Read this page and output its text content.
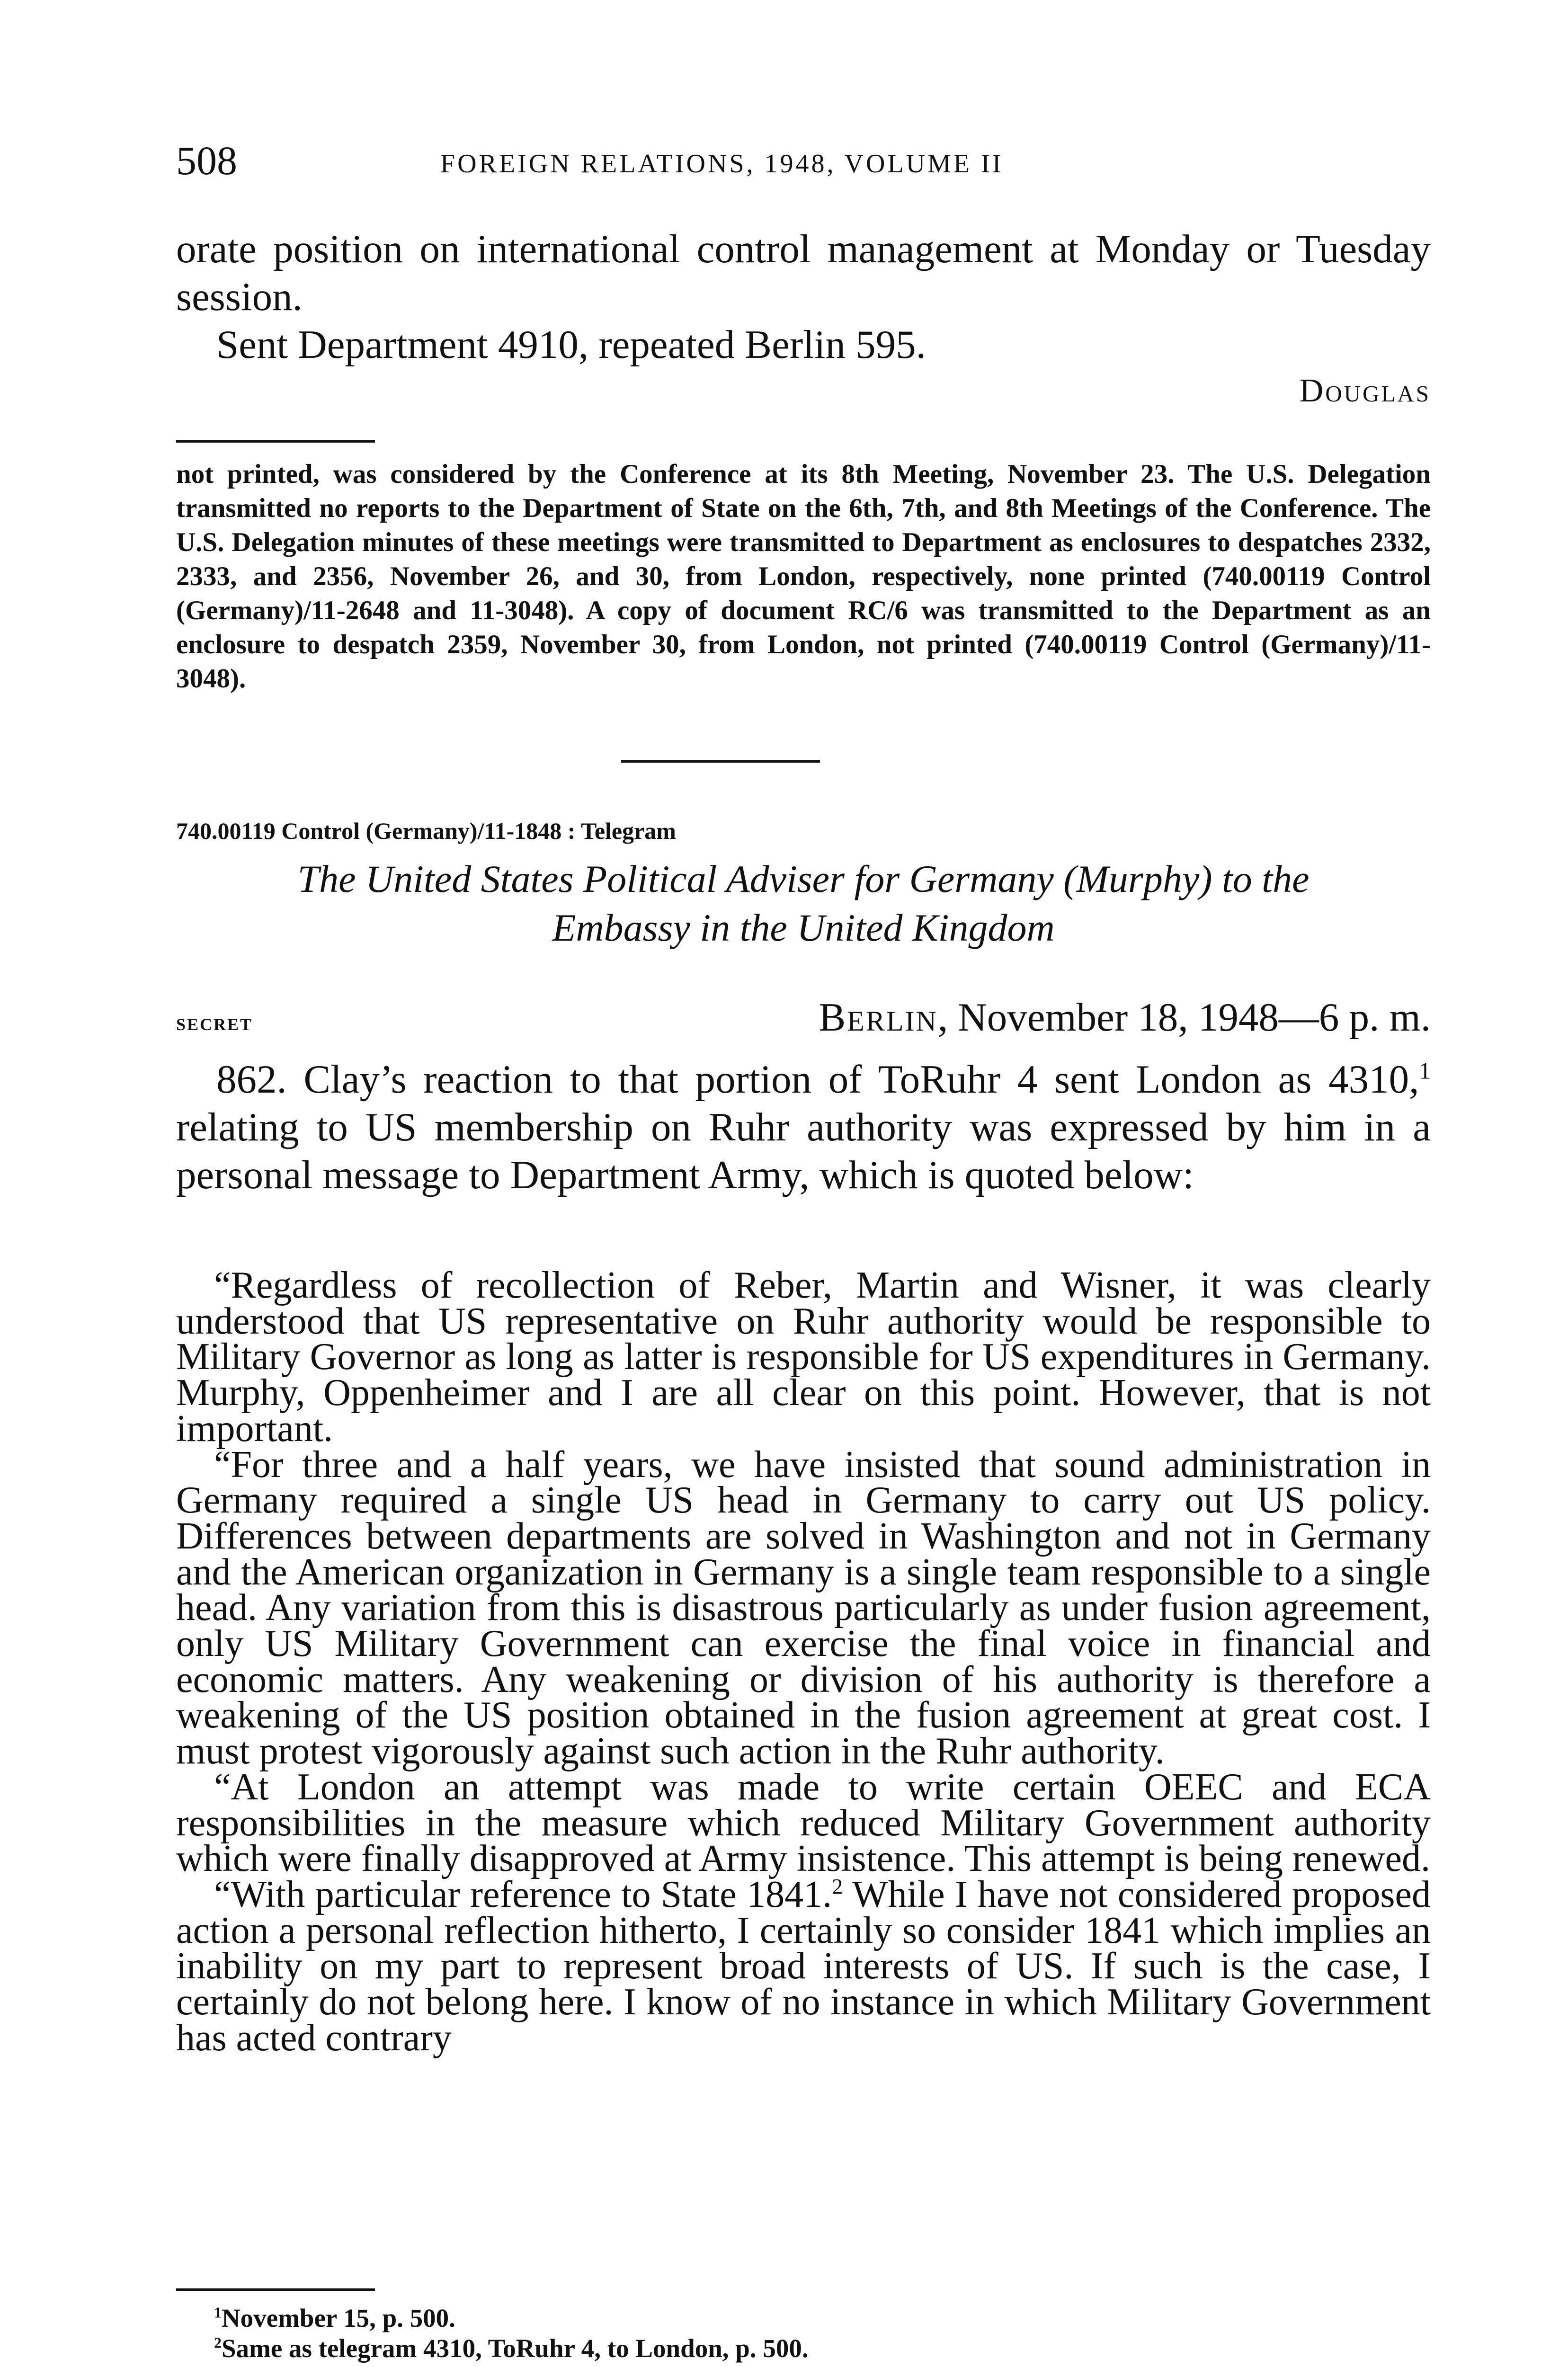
508	FOREIGN RELATIONS, 1948, VOLUME II

orate position on international control management at Monday or Tuesday session.

Sent Department 4910, repeated Berlin 595.

Douglas

not printed, was considered by the Conference at its 8th Meeting, November 23. The U.S. Delegation transmitted no reports to the Department of State on the 6th, 7th, and 8th Meetings of the Conference. The U.S. Delegation minutes of these meetings were transmitted to Department as enclosures to despatches 2332, 2333, and 2356, November 26, and 30, from London, respectively, none printed (740.00119 Control (Germany)/11-2648 and 11-3048). A copy of document RC/6 was transmitted to the Department as an enclosure to despatch 2359, November 30, from London, not printed (740.00119 Control (Germany)/11-3048).

740.00119 Control (Germany)/11-1848 : Telegram
The United States Political Adviser for Germany (Murphy) to the
Embassy in the United Kingdom
secret	Berlin, November 18, 1948—6 p. m.

862. Clay’s reaction to that portion of ToRuhr 4 sent London as 4310,$^1$ relating to US membership on Ruhr authority was expressed by him in a personal message to Department Army, which is quoted below:

“Regardless of recollection of Reber, Martin and Wisner, it was clearly understood that US representative on Ruhr authority would be responsible to Military Governor as long as latter is responsible for US expenditures in Germany. Murphy, Oppenheimer and I are all clear on this point. However, that is not important.

“For three and a half years, we have insisted that sound administration in Germany required a single US head in Germany to carry out US policy. Differences between departments are solved in Washington and not in Germany and the American organization in Germany is a single team responsible to a single head. Any variation from this is disastrous particularly as under fusion agreement, only US Military Government can exercise the final voice in financial and economic matters. Any weakening or division of his authority is therefore a weakening of the US position obtained in the fusion agreement at great cost. I must protest vigorously against such action in the Ruhr authority.

“At London an attempt was made to write certain OEEC and ECA responsibilities in the measure which reduced Military Government authority which were finally disapproved at Army insistence. This attempt is being renewed.

“With particular reference to State 1841.$^2$ While I have not considered proposed action a personal reflection hitherto, I certainly so consider 1841 which implies an inability on my part to represent broad interests of US. If such is the case, I certainly do not belong here. I know of no instance in which Military Government has acted contrary

$^1$November 15, p. 500.

$^2$Same as telegram 4310, ToRuhr 4, to London, p. 500.
